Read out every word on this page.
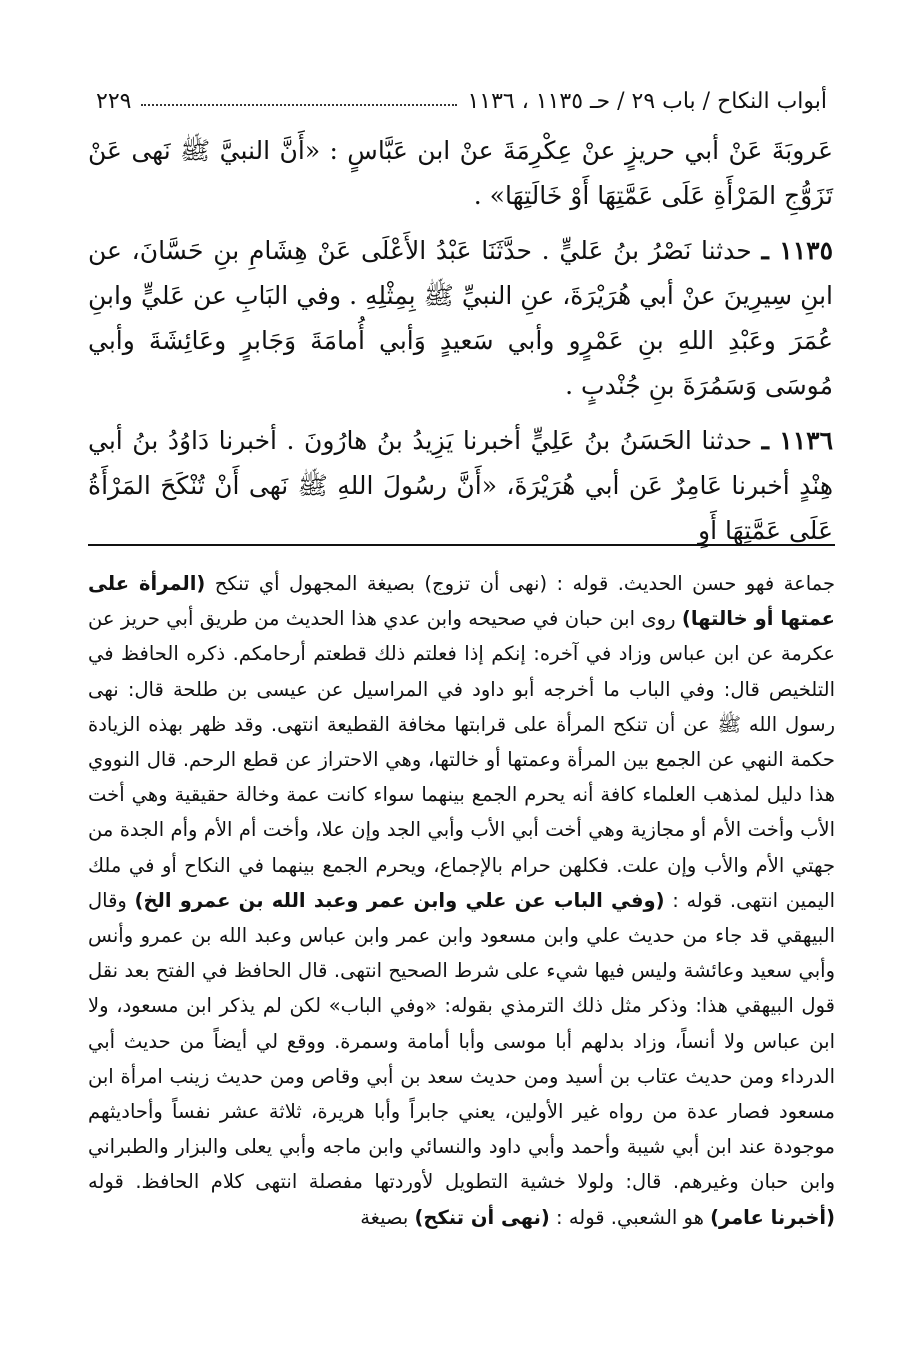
أبواب النكاح / باب ٢٩ / حـ ١١٣٥ ، ١١٣٦
٢٢٩

عَروبَةَ عَنْ أبي حريزٍ عنْ عِكْرِمَةَ عنْ ابن عَبَّاسٍ : «أَنَّ النبيَّ ﷺ نَهى عَنْ تَزَوُّجِ المَرْأَةِ عَلَى عَمَّتِهَا أَوْ خَالَتِهَا» .

١١٣٥ ـ حدثنا نَصْرُ بنُ عَليٍّ . حدَّثَنَا عَبْدُ الأَعْلَى عَنْ هِشَامِ بنِ حَسَّانَ، عن ابنِ سِيرِينَ عنْ أبي هُرَيْرَةَ، عنِ النبيِّ ﷺ بِمِثْلِهِ . وفي البَابِ عن عَليٍّ وابنِ عُمَرَ وعَبْدِ اللهِ بنِ عَمْرٍو وأبي سَعيدٍ وَأبي أُمامَةَ وَجَابرٍ وعَائِشَةَ وأبي مُوسَى وَسَمُرَةَ بنِ جُنْدبٍ .

١١٣٦ ـ حدثنا الحَسَنُ بنُ عَلِيٍّ أخبرنا يَزِيدُ بنُ هارُونَ . أخبرنا دَاوُدُ بنُ أبي هِنْدٍ أخبرنا عَامِرٌ عَن أبي هُرَيْرَةَ، «أَنَّ رسُولَ اللهِ ﷺ نَهى أَنْ تُنْكَحَ المَرْأَةُ عَلَى عَمَّتِهَا أَوِ

جماعة فهو حسن الحديث. قوله : (نهى أن تزوج) بصيغة المجهول أي تنكح (المرأة على عمتها أو خالتها) روى ابن حبان في صحيحه وابن عدي هذا الحديث من طريق أبي حريز عن عكرمة عن ابن عباس وزاد في آخره: إنكم إذا فعلتم ذلك قطعتم أرحامكم. ذكره الحافظ في التلخيص قال: وفي الباب ما أخرجه أبو داود في المراسيل عن عيسى بن طلحة قال: نهى رسول الله ﷺ عن أن تنكح المرأة على قرابتها مخافة القطيعة انتهى. وقد ظهر بهذه الزيادة حكمة النهي عن الجمع بين المرأة وعمتها أو خالتها، وهي الاحتراز عن قطع الرحم. قال النووي هذا دليل لمذهب العلماء كافة أنه يحرم الجمع بينهما سواء كانت عمة وخالة حقيقية وهي أخت الأب وأخت الأم أو مجازية وهي أخت أبي الأب وأبي الجد وإن علا، وأخت أم الأم وأم الجدة من جهتي الأم والأب وإن علت. فكلهن حرام بالإجماع، ويحرم الجمع بينهما في النكاح أو في ملك اليمين انتهى. قوله : (وفي الباب عن علي وابن عمر وعبد الله بن عمرو الخ) وقال البيهقي قد جاء من حديث علي وابن مسعود وابن عمر وابن عباس وعبد الله بن عمرو وأنس وأبي سعيد وعائشة وليس فيها شيء على شرط الصحيح انتهى. قال الحافظ في الفتح بعد نقل قول البيهقي هذا: وذكر مثل ذلك الترمذي بقوله: «وفي الباب» لكن لم يذكر ابن مسعود، ولا ابن عباس ولا أنساً، وزاد بدلهم أبا موسى وأبا أمامة وسمرة. ووقع لي أيضاً من حديث أبي الدرداء ومن حديث عتاب بن أسيد ومن حديث سعد بن أبي وقاص ومن حديث زينب امرأة ابن مسعود فصار عدة من رواه غير الأولين، يعني جابراً وأبا هريرة، ثلاثة عشر نفساً وأحاديثهم موجودة عند ابن أبي شيبة وأحمد وأبي داود والنسائي وابن ماجه وأبي يعلى والبزار والطبراني وابن حبان وغيرهم. قال: ولولا خشية التطويل لأوردتها مفصلة انتهى كلام الحافظ. قوله (أخبرنا عامر) هو الشعبي. قوله : (نهى أن تنكح) بصيغة
